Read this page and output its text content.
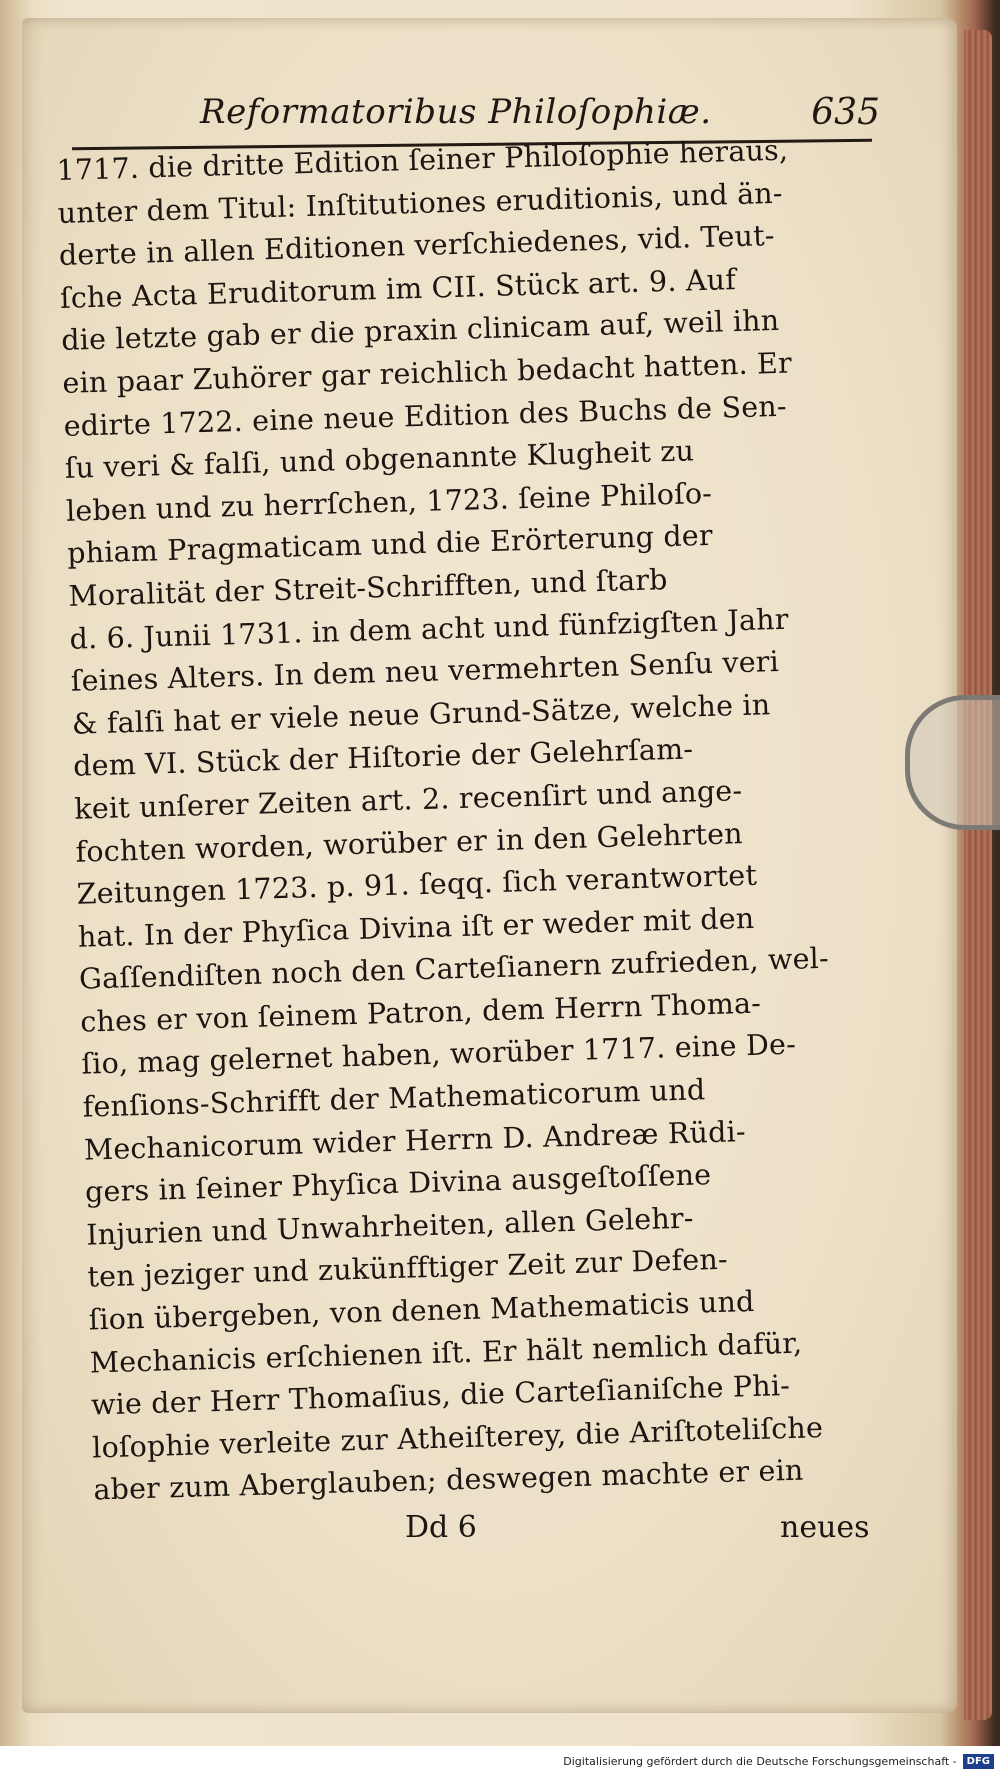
Reformatoribus Philoſophiæ.	635
1717. die dritte Edition ſeiner Philoſophie heraus,
unter dem Titul: Inſtitutiones eruditionis, und än-
derte in allen Editionen verſchiedenes, vid. Teut-
ſche Acta Eruditorum im CII. Stück art. 9. Auf
die letzte gab er die praxin clinicam auf, weil ihn
ein paar Zuhörer gar reichlich bedacht hatten. Er
edirte 1722. eine neue Edition des Buchs de Sen-
ſu veri & falſi, und obgenannte Klugheit zu
leben und zu herrſchen, 1723. ſeine Philoſo-
phiam Pragmaticam und die Erörterung der
Moralität der Streit-Schrifften, und ſtarb
d. 6. Junii 1731. in dem acht und fünfzigſten Jahr
ſeines Alters. In dem neu vermehrten Senſu veri
& falſi hat er viele neue Grund-Sätze, welche in
dem VI. Stück der Hiſtorie der Gelehrſam-
keit unſerer Zeiten art. 2. recenſirt und ange-
fochten worden, worüber er in den Gelehrten
Zeitungen 1723. p. 91. ſeqq. ſich verantwortet
hat. In der Phyſica Divina iſt er weder mit den
Gaſſendiſten noch den Carteſianern zufrieden, wel-
ches er von ſeinem Patron, dem Herrn Thoma-
ſio, mag gelernet haben, worüber 1717. eine De-
fenſions-Schrifft der Mathematicorum und
Mechanicorum wider Herrn D. Andreæ Rüdi-
gers in ſeiner Phyſica Divina ausgeſtoſſene
Injurien und Unwahrheiten, allen Gelehr-
ten jeziger und zukünfftiger Zeit zur Defen-
ſion übergeben, von denen Mathematicis und
Mechanicis erſchienen iſt. Er hält nemlich dafür,
wie der Herr Thomaſius, die Carteſianiſche Phi-
loſophie verleite zur Atheiſterey, die Ariſtoteliſche
aber zum Aberglauben; deswegen machte er ein
Dd 6	neues
Digitalisierung gefördert durch die Deutsche Forschungsgemeinschaft -	DFG
